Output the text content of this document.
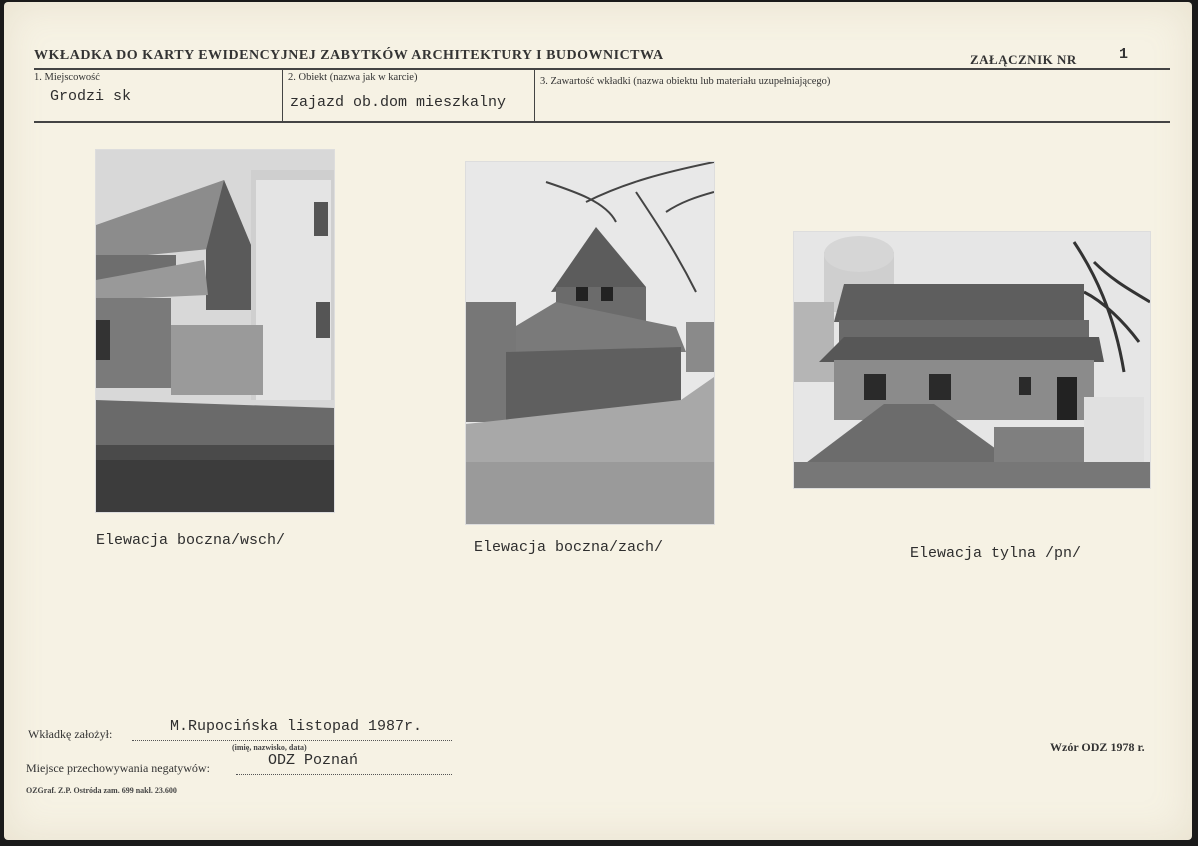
WKŁADKA DO KARTY EWIDENCYJNEJ ZABYTKÓW ARCHITEKTURY I BUDOWNICTWA	ZAŁĄCZNIK NR	1
1. Miejscowość
Grodzi sk
2. Obiekt (nazwa jak w karcie)
zajazd ob.dom mieszkalny
3. Zawartość wkładki (nazwa obiektu lub materiału uzupełniającego)
Elewacja boczna/wsch/	Elewacja boczna/zach/	Elewacja tylna /pn/
Wkładkę założył:	M.Rupocińska listopad 1987r.
(imię, nazwisko, data)
Miejsce przechowywania negatywów:	ODZ Poznań
OZGraf. Z.P. Ostróda zam. 699 nakł. 23.600
Wzór ODZ 1978 r.
